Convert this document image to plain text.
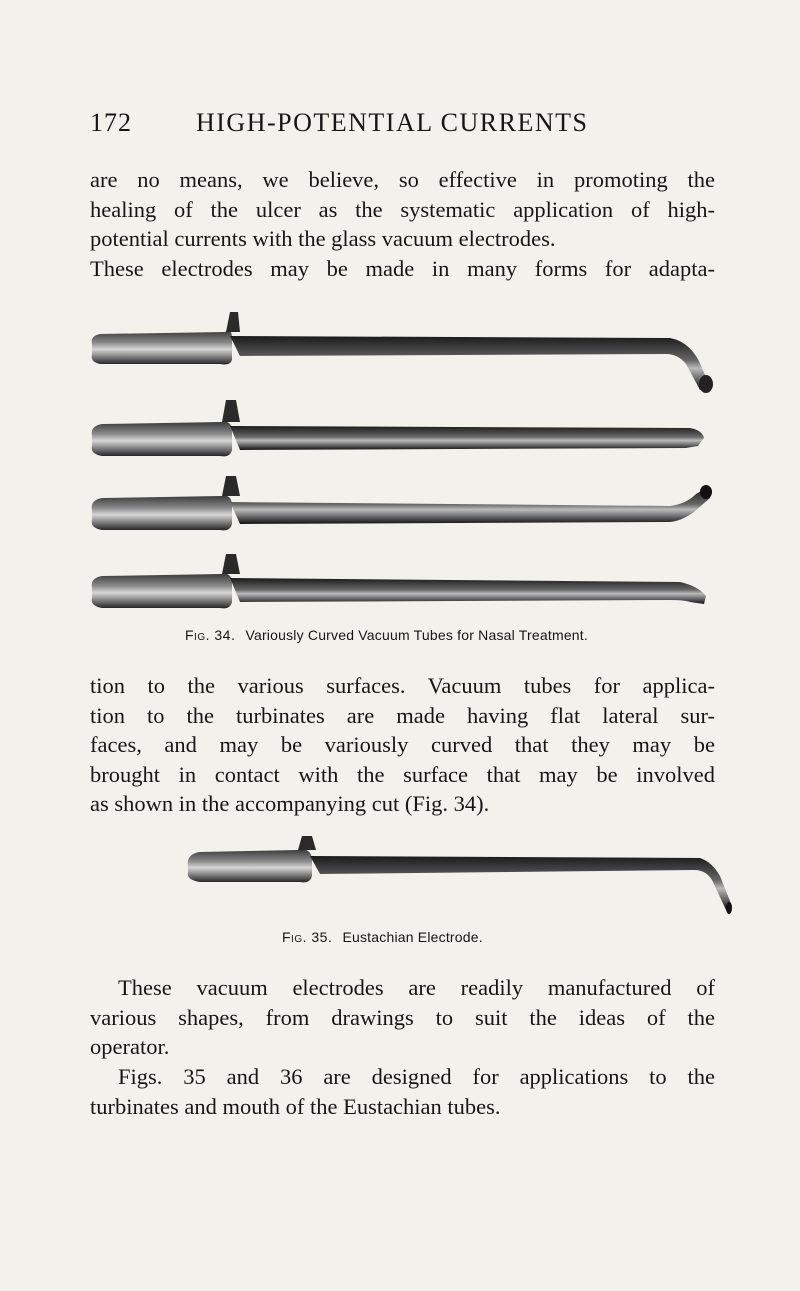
172 HIGH-POTENTIAL CURRENTS

are no means, we believe, so effective in promoting the
healing of the ulcer as the systematic application of high-
potential currents with the glass vacuum electrodes.
These electrodes may be made in many forms for adapta-

Fig. 34. Variously Curved Vacuum Tubes for Nasal Treatment.

tion to the various surfaces. Vacuum tubes for applica-
tion to the turbinates are made having flat lateral sur-
faces, and may be variously curved that they may be
brought in contact with the surface that may be involved
as shown in the accompanying cut (Fig. 34).

Fig. 35. Eustachian Electrode.

These vacuum electrodes are readily manufactured of
various shapes, from drawings to suit the ideas of the
operator.

Figs. 35 and 36 are designed for applications to the
turbinates and mouth of the Eustachian tubes.
